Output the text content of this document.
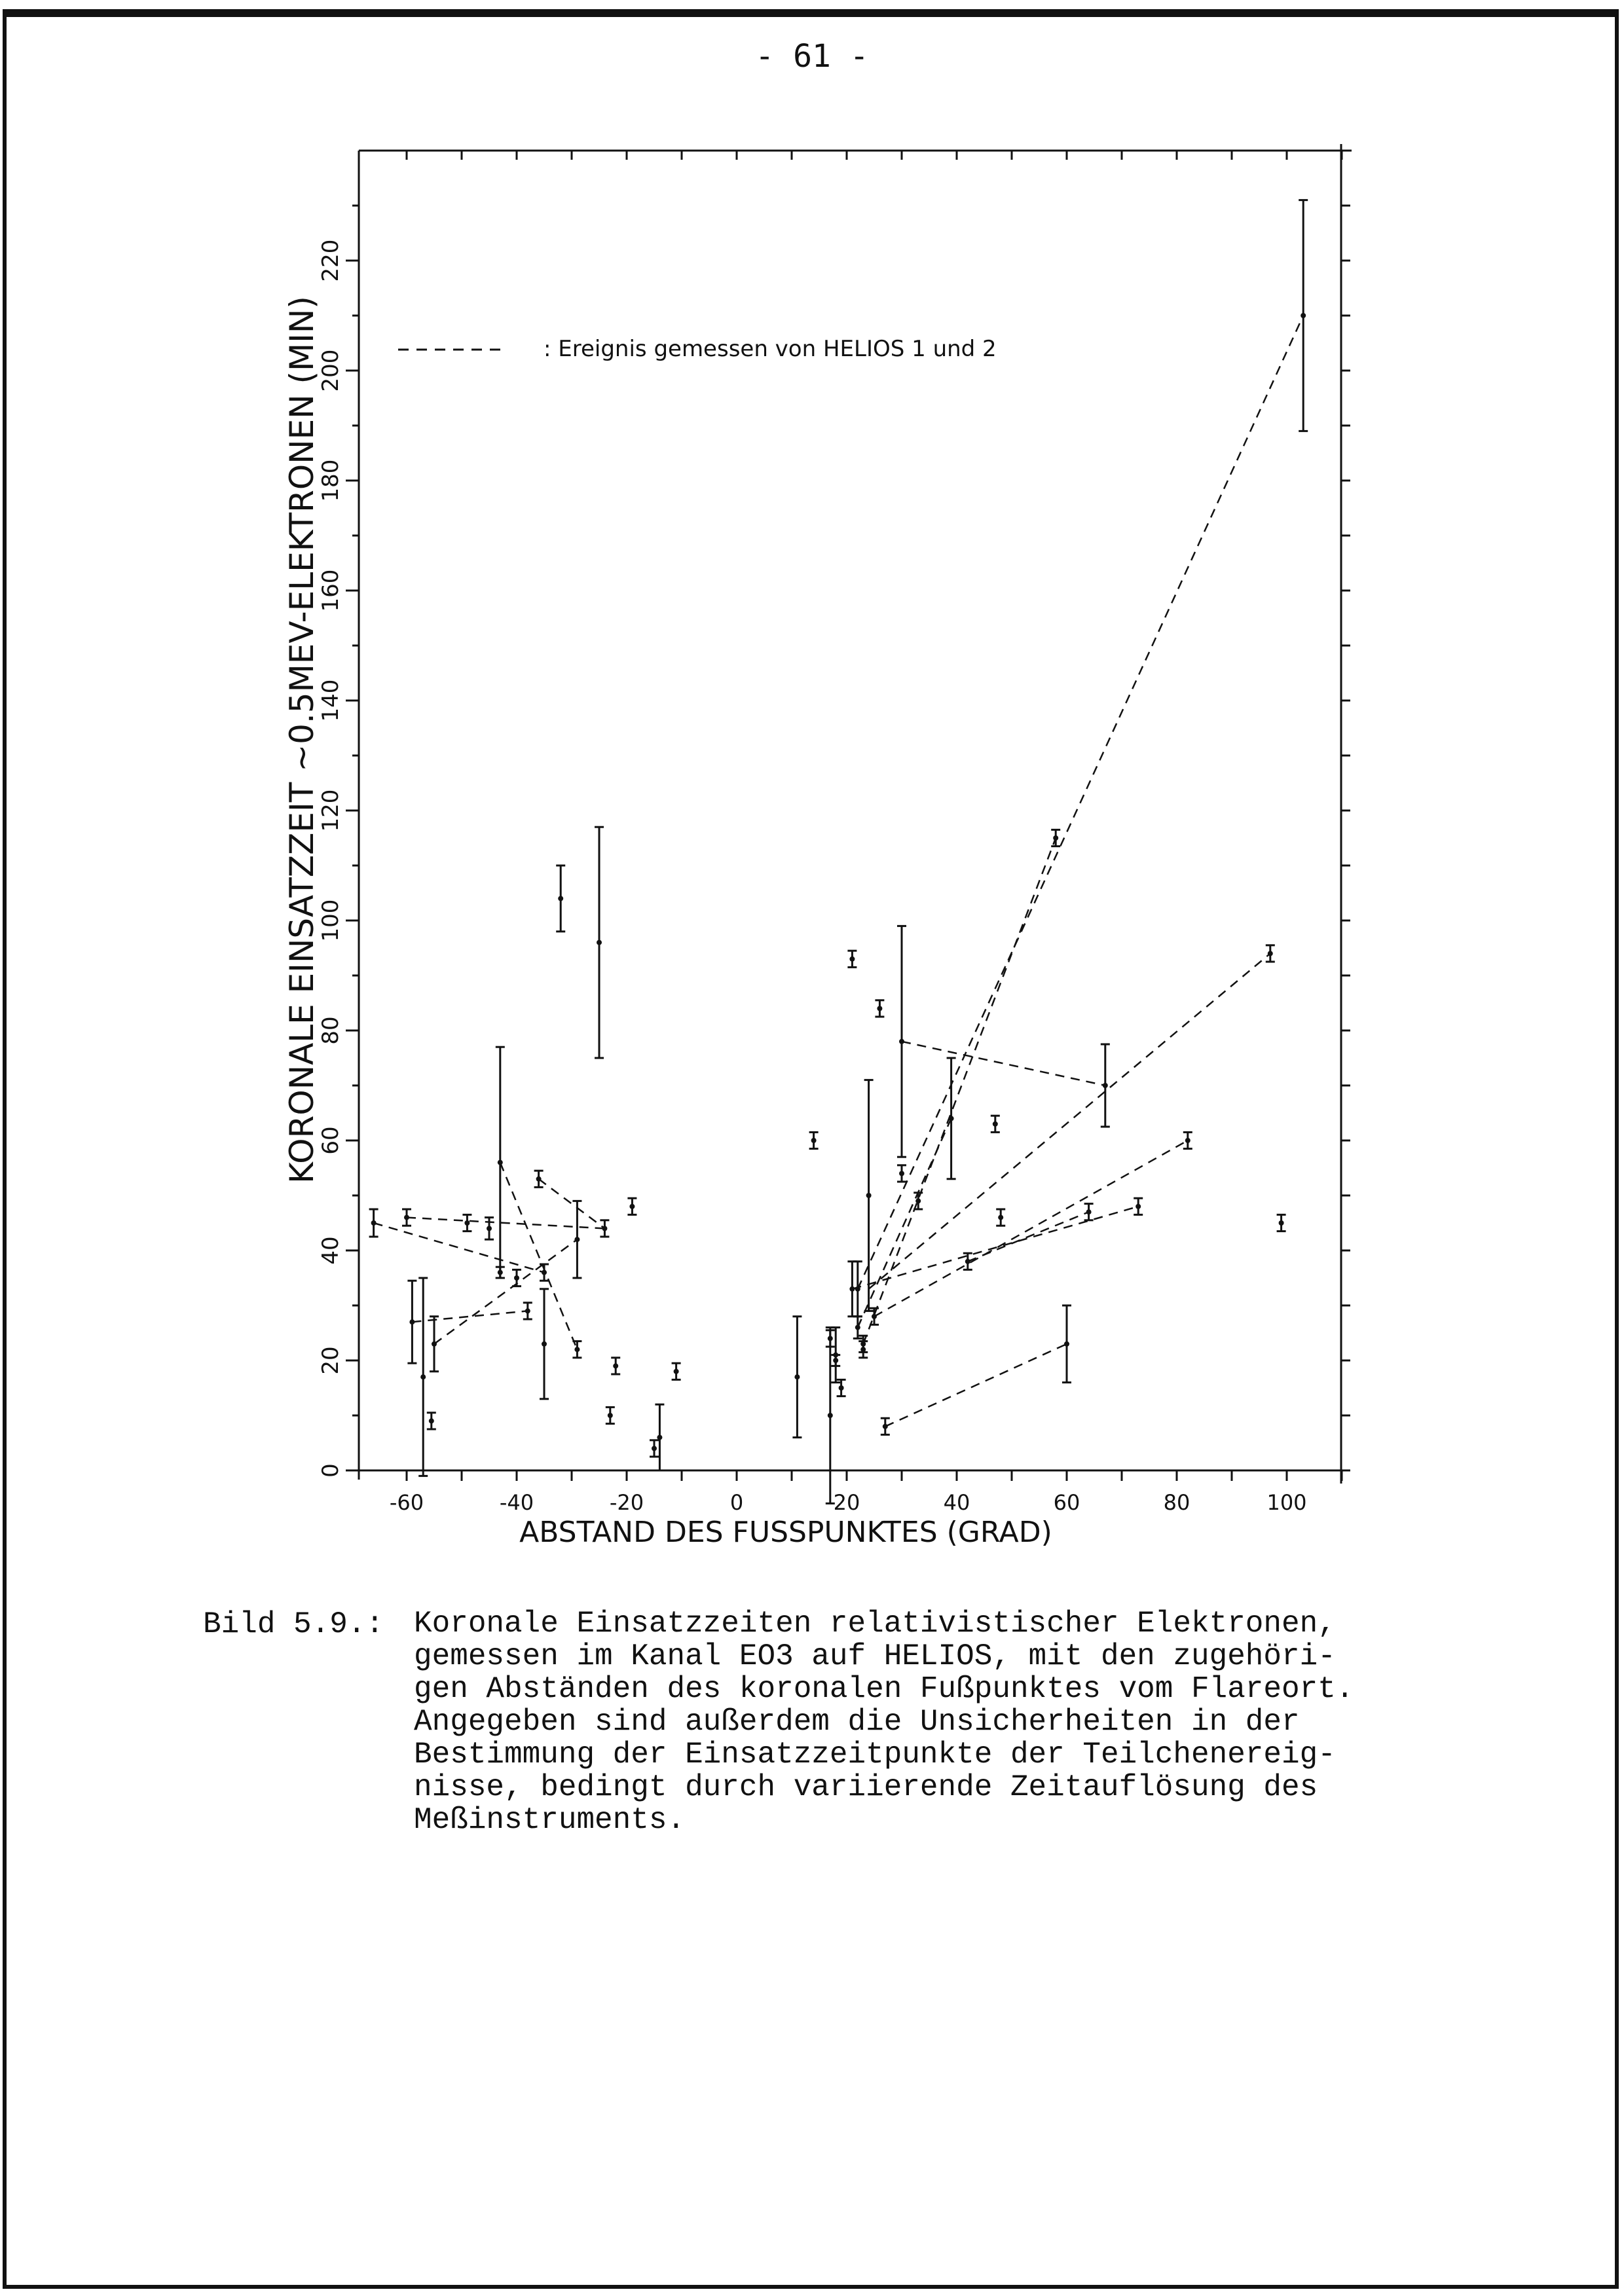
- 61 -
0
20
40
60
80
100
120
140
160
180
200
220
-60	-40	-20	0	20	40	60	80	100
: Ereignis gemessen von HELIOS 1 und 2
ABSTAND DES FUSSPUNKTES (GRAD)
KORONALE EINSATZZEIT ~0.5MEV-ELEKTRONEN (MIN)
Bild 5.9.: Koronale Einsatzzeiten relativistischer Elektronen,
gemessen im Kanal EO3 auf HELIOS, mit den zugehöri-
gen Abständen des koronalen Fußpunktes vom Flareort.
Angegeben sind außerdem die Unsicherheiten in der
Bestimmung der Einsatzzeitpunkte der Teilchenereig-
nisse, bedingt durch variierende Zeitauflösung des
Meßinstruments.
